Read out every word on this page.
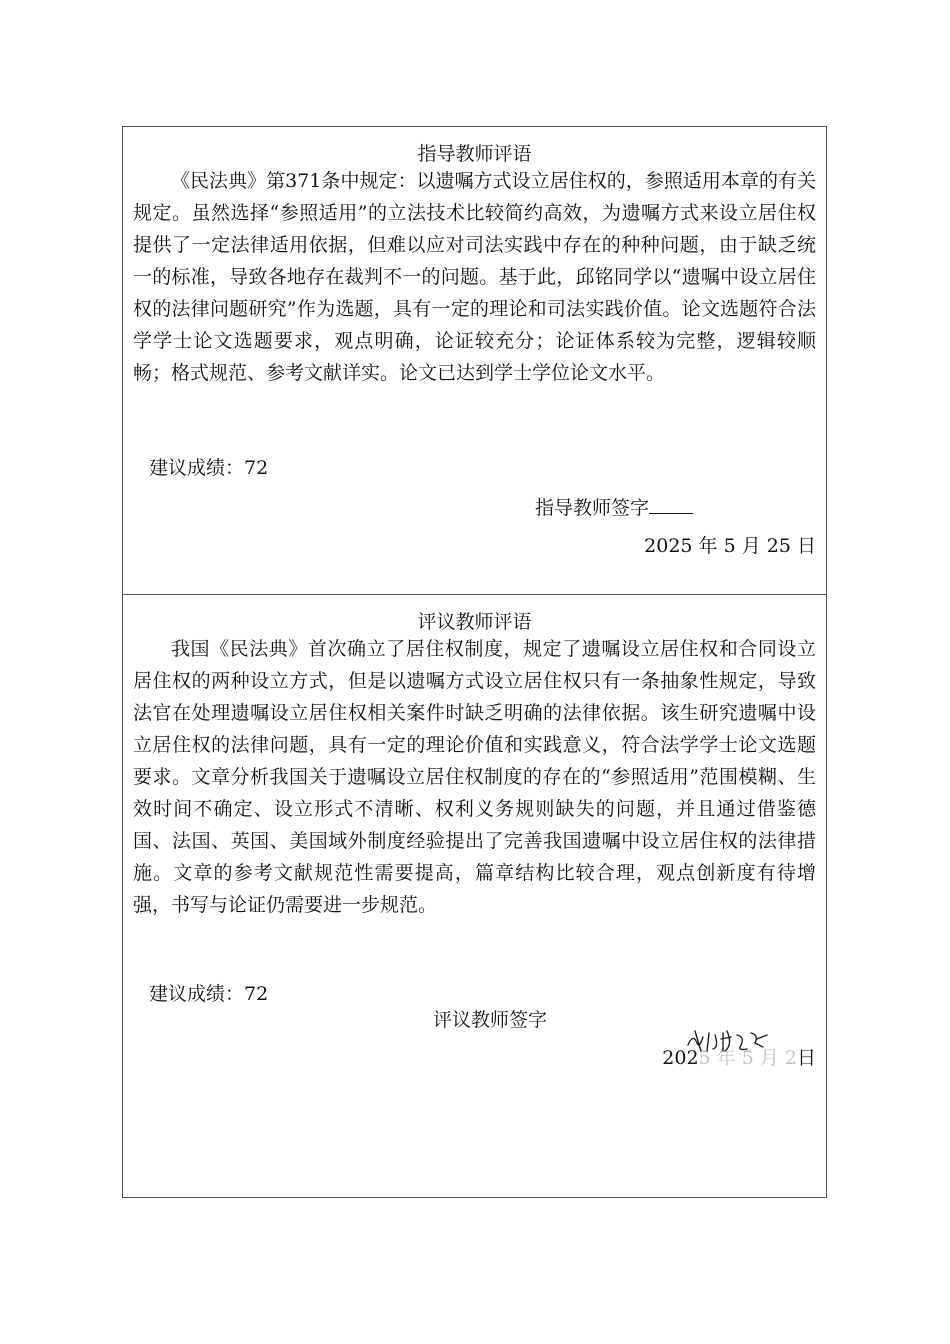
指导教师评语
《民法典》第371条中规定：以遗嘱方式设立居住权的，参照适用本章的有关规定。虽然选择“参照适用”的立法技术比较简约高效，为遗嘱方式来设立居住权提供了一定法律适用依据，但难以应对司法实践中存在的种种问题，由于缺乏统一的标准，导致各地存在裁判不一的问题。基于此，邱铭同学以“遗嘱中设立居住权的法律问题研究”作为选题，具有一定的理论和司法实践价值。论文选题符合法学学士论文选题要求，观点明确，论证较充分；论证体系较为完整，逻辑较顺畅；格式规范、参考文献详实。论文已达到学士学位论文水平。
建议成绩：72
指导教师签字
2025 年 5 月 25 日
评议教师评语
我国《民法典》首次确立了居住权制度，规定了遗嘱设立居住权和合同设立居住权的两种设立方式，但是以遗嘱方式设立居住权只有一条抽象性规定，导致法官在处理遗嘱设立居住权相关案件时缺乏明确的法律依据。该生研究遗嘱中设立居住权的法律问题，具有一定的理论价值和实践意义，符合法学学士论文选题要求。文章分析我国关于遗嘱设立居住权制度的存在的“参照适用”范围模糊、生效时间不确定、设立形式不清晰、权利义务规则缺失的问题，并且通过借鉴德国、法国、英国、美国域外制度经验提出了完善我国遗嘱中设立居住权的法律措施。文章的参考文献规范性需要提高，篇章结构比较合理，观点创新度有待增强，书写与论证仍需要进一步规范。
建议成绩：72
评议教师签字
2025 年 5 月 2日
